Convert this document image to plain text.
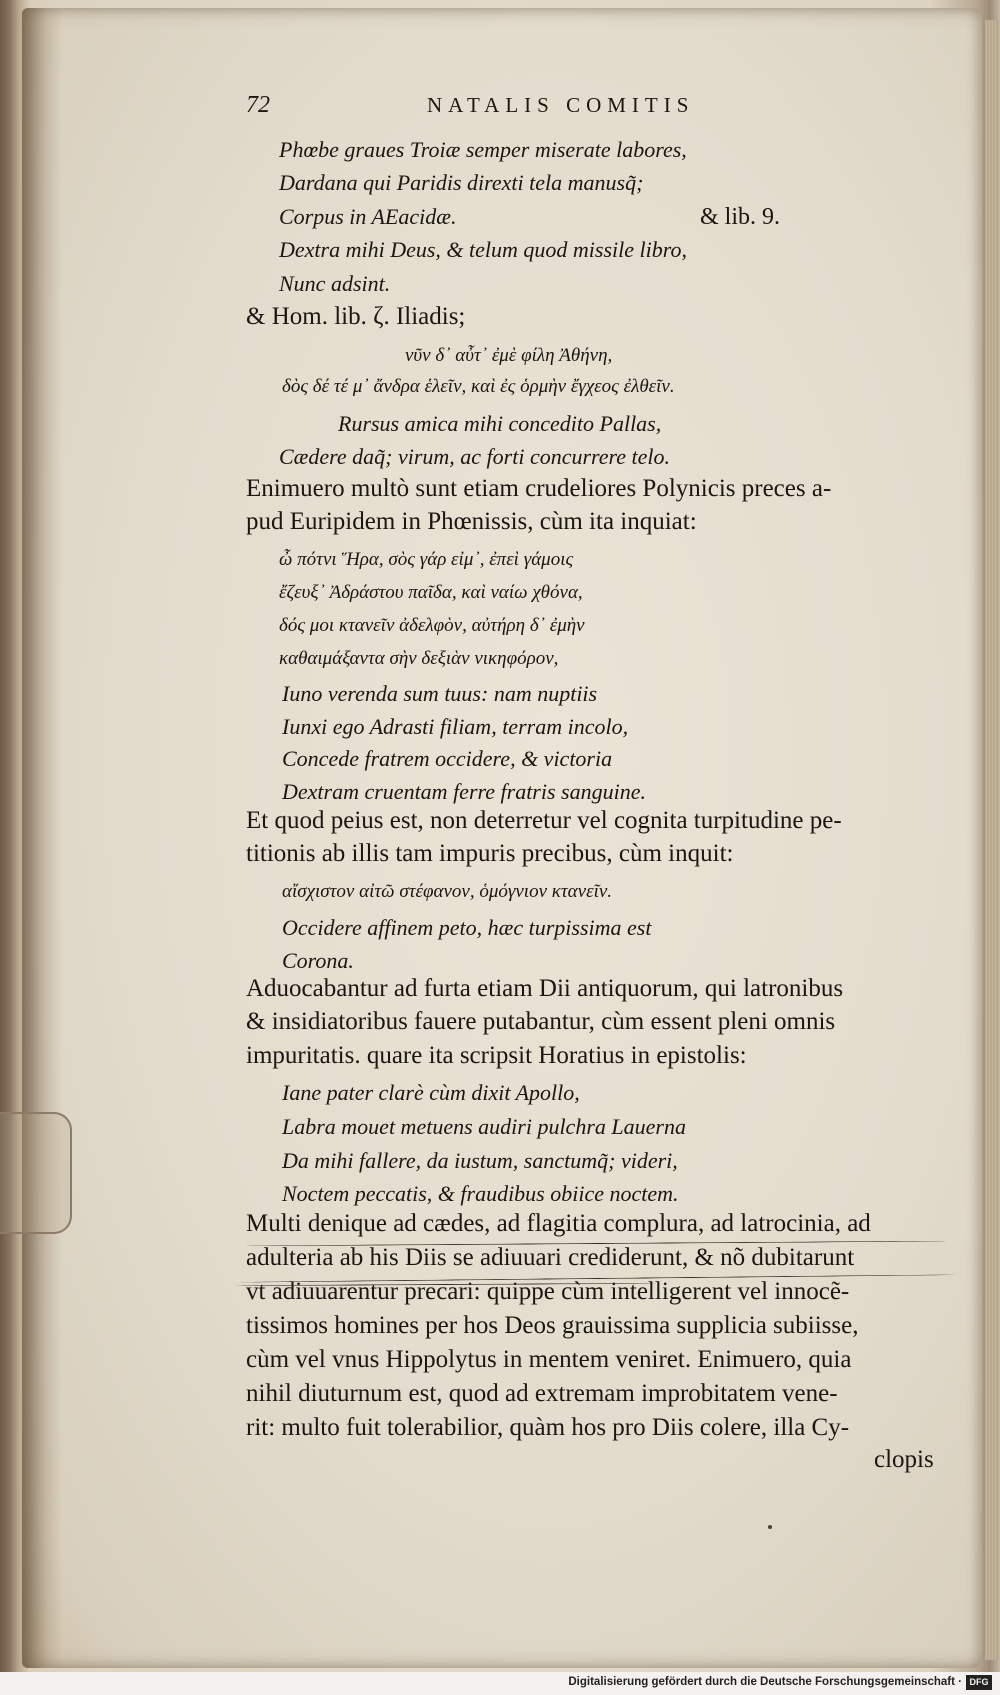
72	NATALIS COMITIS
Phœbe graues Troiæ semper miserate labores,
Dardana qui Paridis direxti tela manusq̃;
Corpus in AEacidæ.	& lib. 9.
Dextra mihi Deus, & telum quod missile libro,
Nunc adsint.
& Hom. lib. ζ. Iliadis;
νῦν δ᾽ αὖτ᾽ ἐμὲ φίλη Ἀθήνη,
δὸς δέ τέ μ᾽ ἄνδρα ἑλεῖν, καὶ ἐς ὁρμὴν ἔγχεος ἐλθεῖν.
Rursus amica mihi concedito Pallas,
Cædere daq̃; virum, ac forti concurrere telo.
Enimuero multò sunt etiam crudeliores Polynicis preces a-
pud Euripidem in Phœnissis, cùm ita inquiat:
ὦ πότνι Ἥρα, σὸς γάρ εἰμ᾽, ἐπεὶ γάμοις
ἔζευξ᾽ Ἀδράστου παῖδα, καὶ ναίω χθόνα,
δός μοι κτανεῖν ἀδελφὸν, αὐτήρη δ᾽ ἐμὴν
καθαιμάξαντα σὴν δεξιὰν νικηφόρον,
Iuno verenda sum tuus: nam nuptiis
Iunxi ego Adrasti filiam, terram incolo,
Concede fratrem occidere, & victoria
Dextram cruentam ferre fratris sanguine.
Et quod peius est, non deterretur vel cognita turpitudine pe-
titionis ab illis tam impuris precibus, cùm inquit:
αἴσχιστον αἰτῶ στέφανον, ὁμόγνιον κτανεῖν.
Occidere affinem peto, hæc turpissima est
Corona.
Aduocabantur ad furta etiam Dii antiquorum, qui latronibus
& insidiatoribus fauere putabantur, cùm essent pleni omnis
impuritatis. quare ita scripsit Horatius in epistolis:
Iane pater clarè cùm dixit Apollo,
Labra mouet metuens audiri pulchra Lauerna
Da mihi fallere, da iustum, sanctumq̃; videri,
Noctem peccatis, & fraudibus obiice noctem.
Multi denique ad cædes, ad flagitia complura, ad latrocinia, ad
adulteria ab his Diis se adiuuari crediderunt, & nõ dubitarunt
vt adiuuarentur precari: quippe cùm intelligerent vel innocẽ-
tissimos homines per hos Deos grauissima supplicia subiisse,
cùm vel vnus Hippolytus in mentem veniret. Enimuero, quia
nihil diuturnum est, quod ad extremam improbitatem vene-
rit: multo fuit tolerabilior, quàm hos pro Diis colere, illa Cy-
clopis
Digitalisierung gefördert durch die Deutsche Forschungsgemeinschaft · DFG
